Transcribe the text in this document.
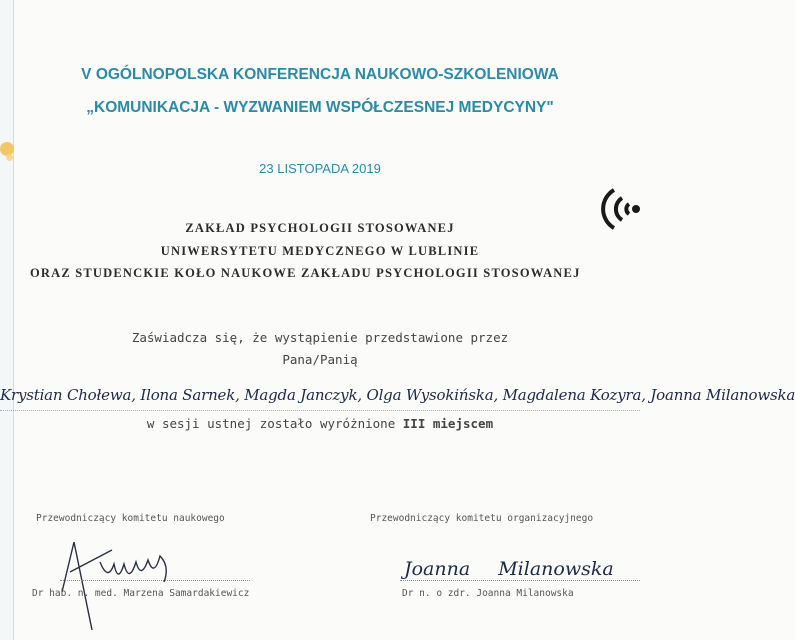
V OGÓLNOPOLSKA KONFERENCJA NAUKOWO-SZKOLENIOWA
„KOMUNIKACJA - WYZWANIEM WSPÓŁCZESNEJ MEDYCYNY"
23 LISTOPADA 2019
ZAKŁAD PSYCHOLOGII STOSOWANEJ
UNIWERSYTETU MEDYCZNEGO W LUBLINIE
ORAZ STUDENCKIE KOŁO NAUKOWE ZAKŁADU PSYCHOLOGII STOSOWANEJ
Zaświadcza się, że wystąpienie przedstawione przez
Pana/Panią
Krystian Chołewa, Ilona Sarnek, Magda Janczyk, Olga Wysokińska, Magdalena Kozyra, Joanna Milanowska
w sesji ustnej zostało wyróżnione III miejscem
Przewodniczący komitetu naukowego
Dr hab. n. med. Marzena Samardakiewicz
Przewodniczący komitetu organizacyjnego
Joanna Milanowska
Dr n. o zdr. Joanna Milanowska
